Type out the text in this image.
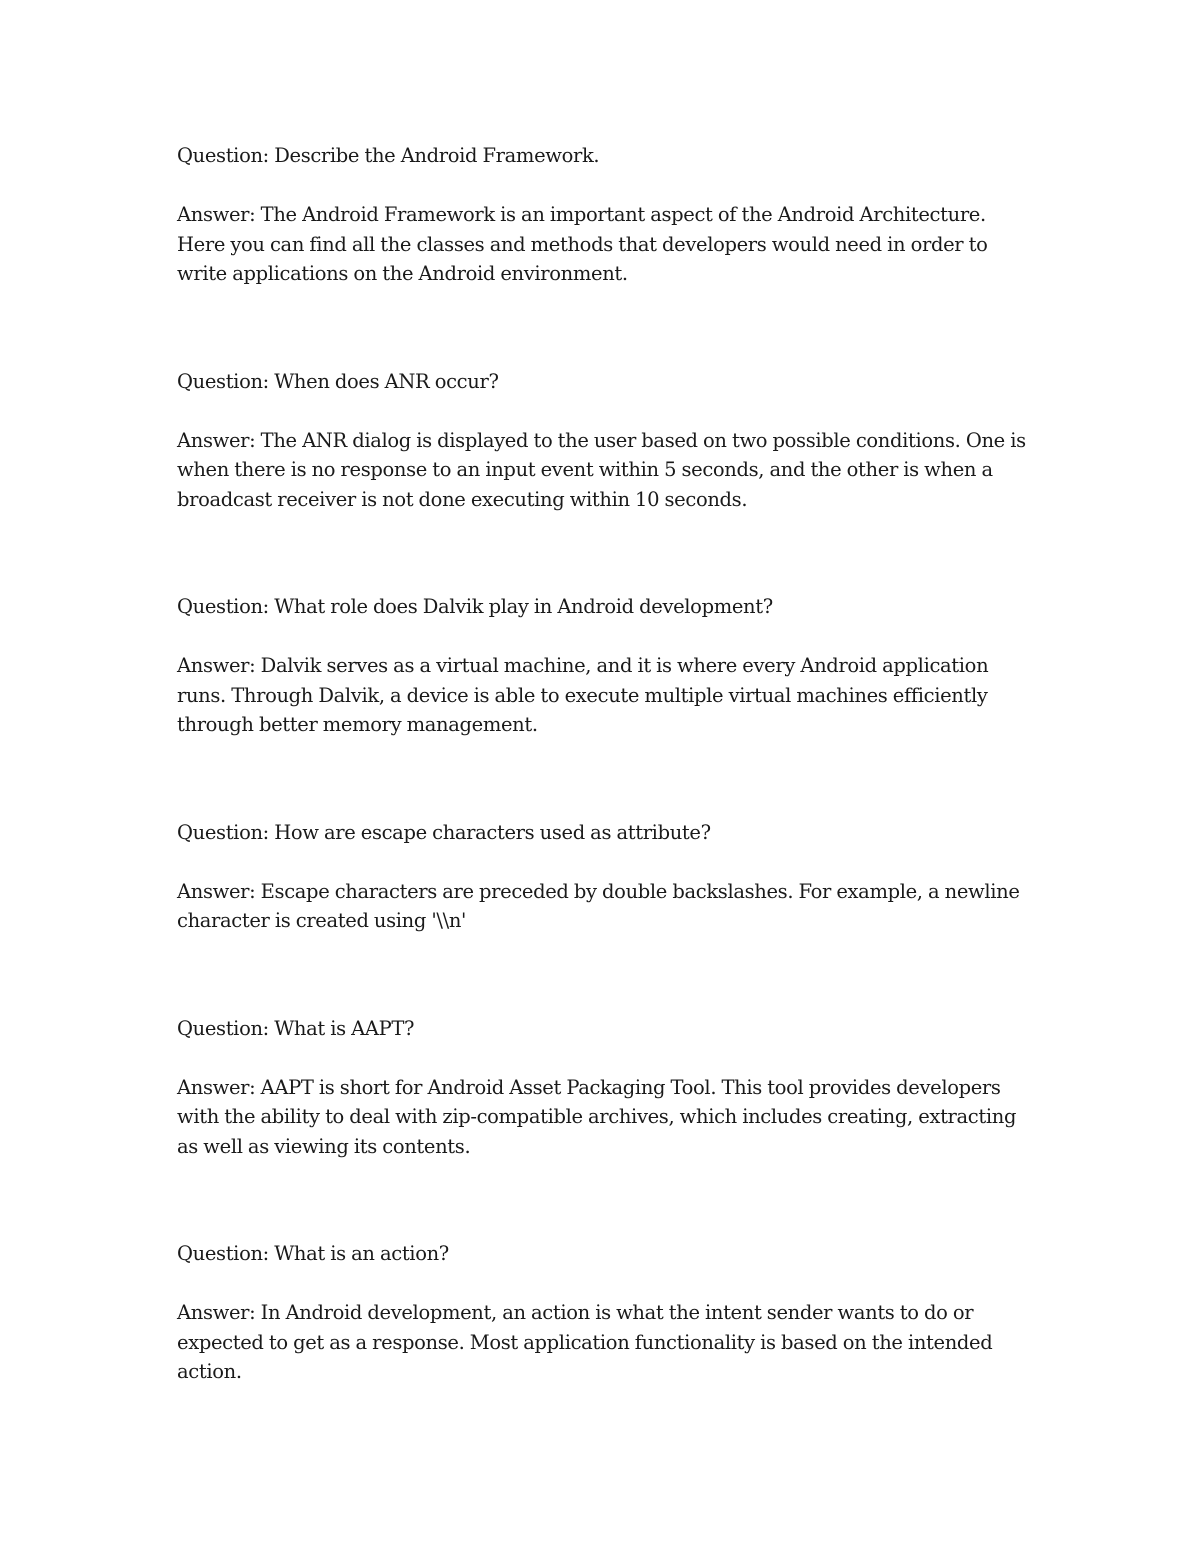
Question: Describe the Android Framework.

Answer: The Android Framework is an important aspect of the Android Architecture. Here you can find all the classes and methods that developers would need in order to write applications on the Android environment.

Question: When does ANR occur?

Answer: The ANR dialog is displayed to the user based on two possible conditions. One is when there is no response to an input event within 5 seconds, and the other is when a broadcast receiver is not done executing within 10 seconds.

Question: What role does Dalvik play in Android development?

Answer: Dalvik serves as a virtual machine, and it is where every Android application runs. Through Dalvik, a device is able to execute multiple virtual machines efficiently through better memory management.

Question: How are escape characters used as attribute?

Answer: Escape characters are preceded by double backslashes. For example, a newline character is created using '\\n'

Question: What is AAPT?

Answer: AAPT is short for Android Asset Packaging Tool. This tool provides developers with the ability to deal with zip-compatible archives, which includes creating, extracting as well as viewing its contents.

Question: What is an action?

Answer: In Android development, an action is what the intent sender wants to do or expected to get as a response. Most application functionality is based on the intended action.
